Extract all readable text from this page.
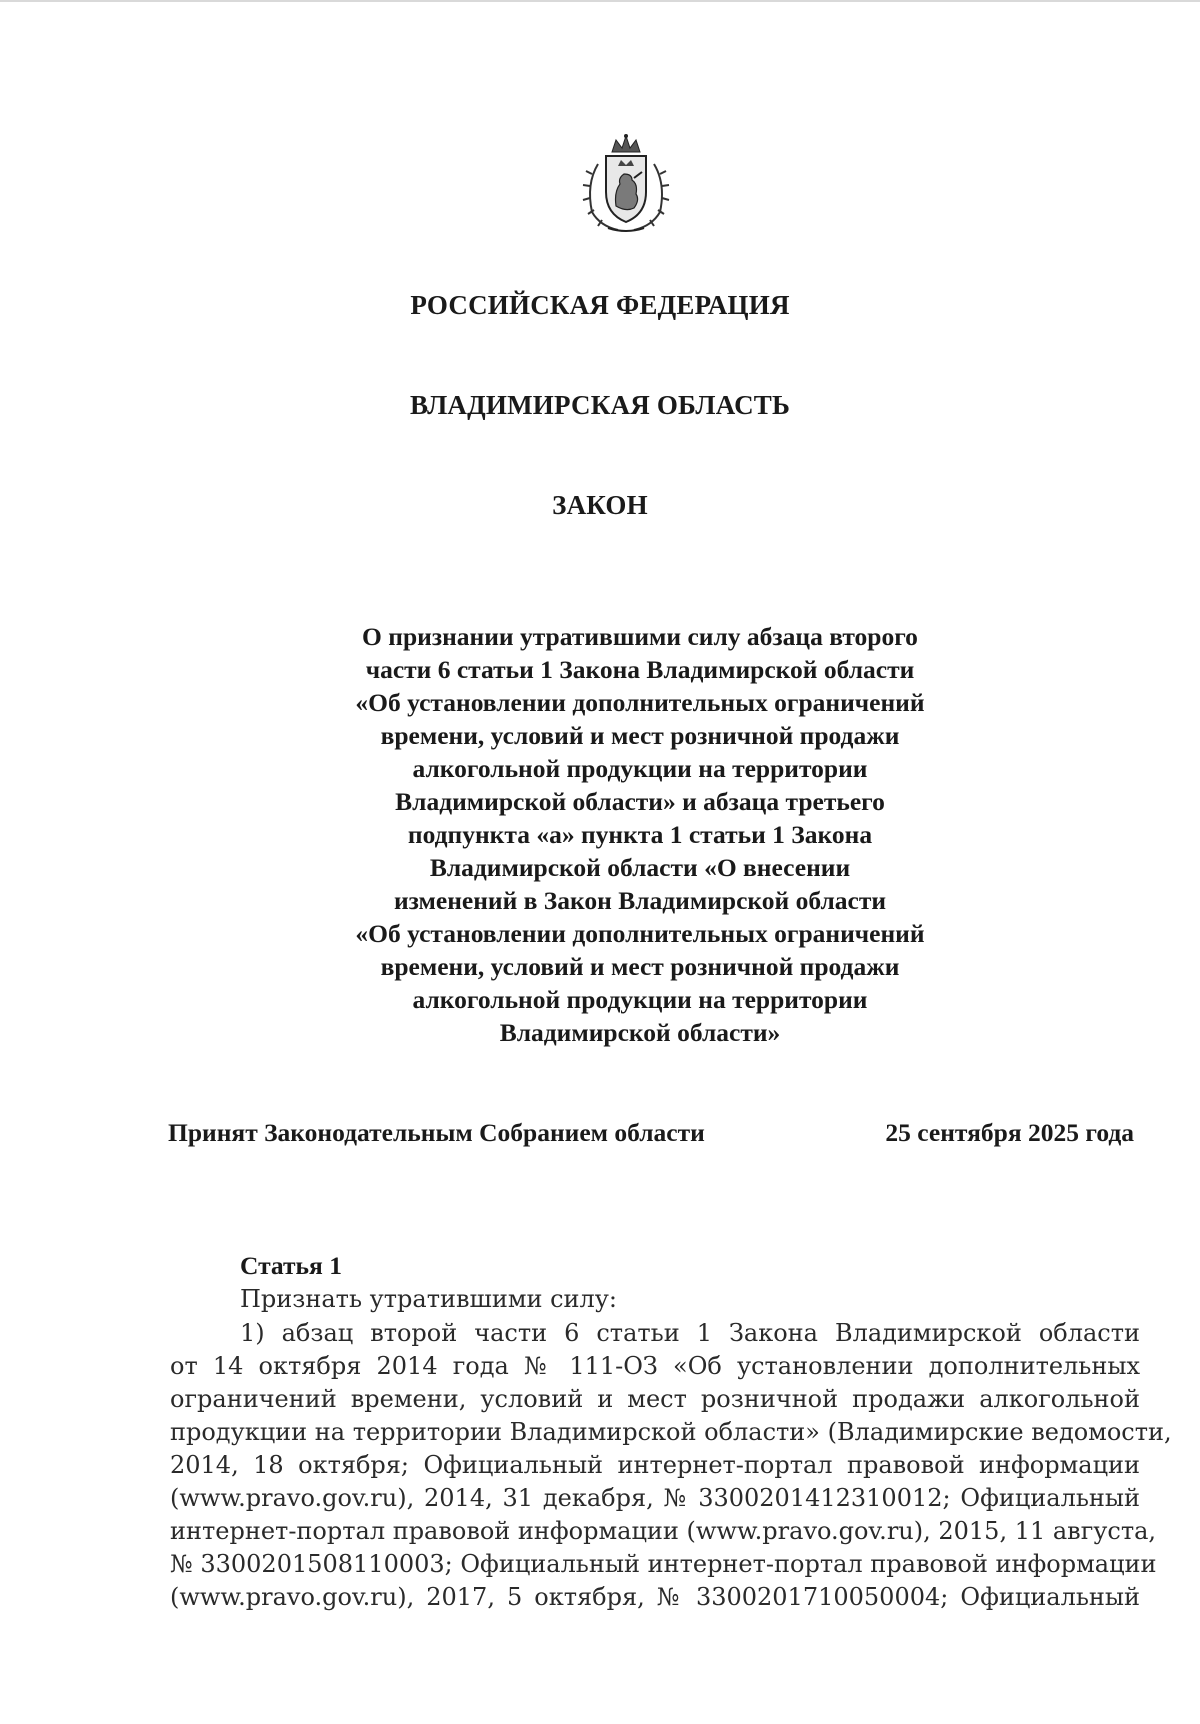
РОССИЙСКАЯ ФЕДЕРАЦИЯ
ВЛАДИМИРСКАЯ ОБЛАСТЬ
ЗАКОН
О признании утратившими силу абзаца второго
части 6 статьи 1 Закона Владимирской области
«Об установлении дополнительных ограничений
времени, условий и мест розничной продажи
алкогольной продукции на территории
Владимирской области» и абзаца третьего
подпункта «а» пункта 1 статьи 1 Закона
Владимирской области «О внесении
изменений в Закон Владимирской области
«Об установлении дополнительных ограничений
времени, условий и мест розничной продажи
алкогольной продукции на территории
Владимирской области»
Принят Законодательным Собранием области	25 сентября 2025 года
Статья 1
Признать утратившими силу:
1) абзац второй части 6 статьи 1 Закона Владимирской области
от 14 октября 2014 года № 111-ОЗ «Об установлении дополнительных
ограничений времени, условий и мест розничной продажи алкогольной
продукции на территории Владимирской области» (Владимирские ведомости,
2014, 18 октября; Официальный интернет-портал правовой информации
(www.pravo.gov.ru), 2014, 31 декабря, № 3300201412310012; Официальный
интернет-портал правовой информации (www.pravo.gov.ru), 2015, 11 августа,
№ 3300201508110003; Официальный интернет-портал правовой информации
(www.pravo.gov.ru), 2017, 5 октября, № 3300201710050004; Официальный
